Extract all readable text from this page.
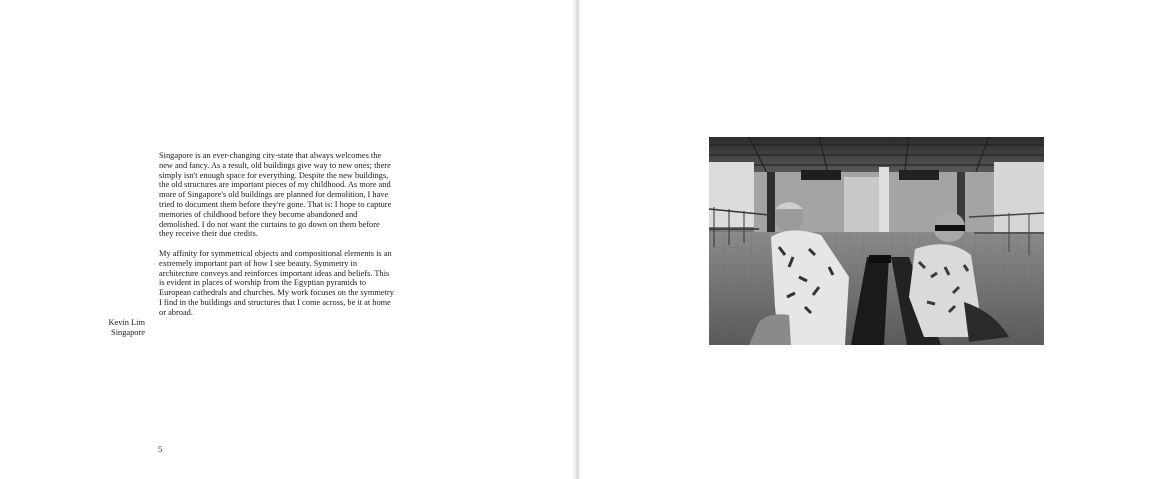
Singapore is an ever-changing city-state that always welcomes the new and fancy. As a result, old buildings give way to new ones; there simply isn't enough space for everything. Despite the new buildings, the old structures are important pieces of my childhood. As more and more of Singapore's old buildings are planned for demolition, I have tried to document them before they're gone. That is: I hope to capture memories of childhood before they become abandoned and demolished. I do not want the curtains to go down on them before they receive their due credits.

My affinity for symmetrical objects and compositional elements is an extremely important part of how I see beauty. Symmetry in architecture conveys and reinforces important ideas and beliefs. This is evident in places of worship from the Egyptian pyramids to European cathedrals and churches. My work focuses on the symmetry I find in the buildings and structures that I come across, be it at home or abroad.

Kevin Lim
Singapore
5
